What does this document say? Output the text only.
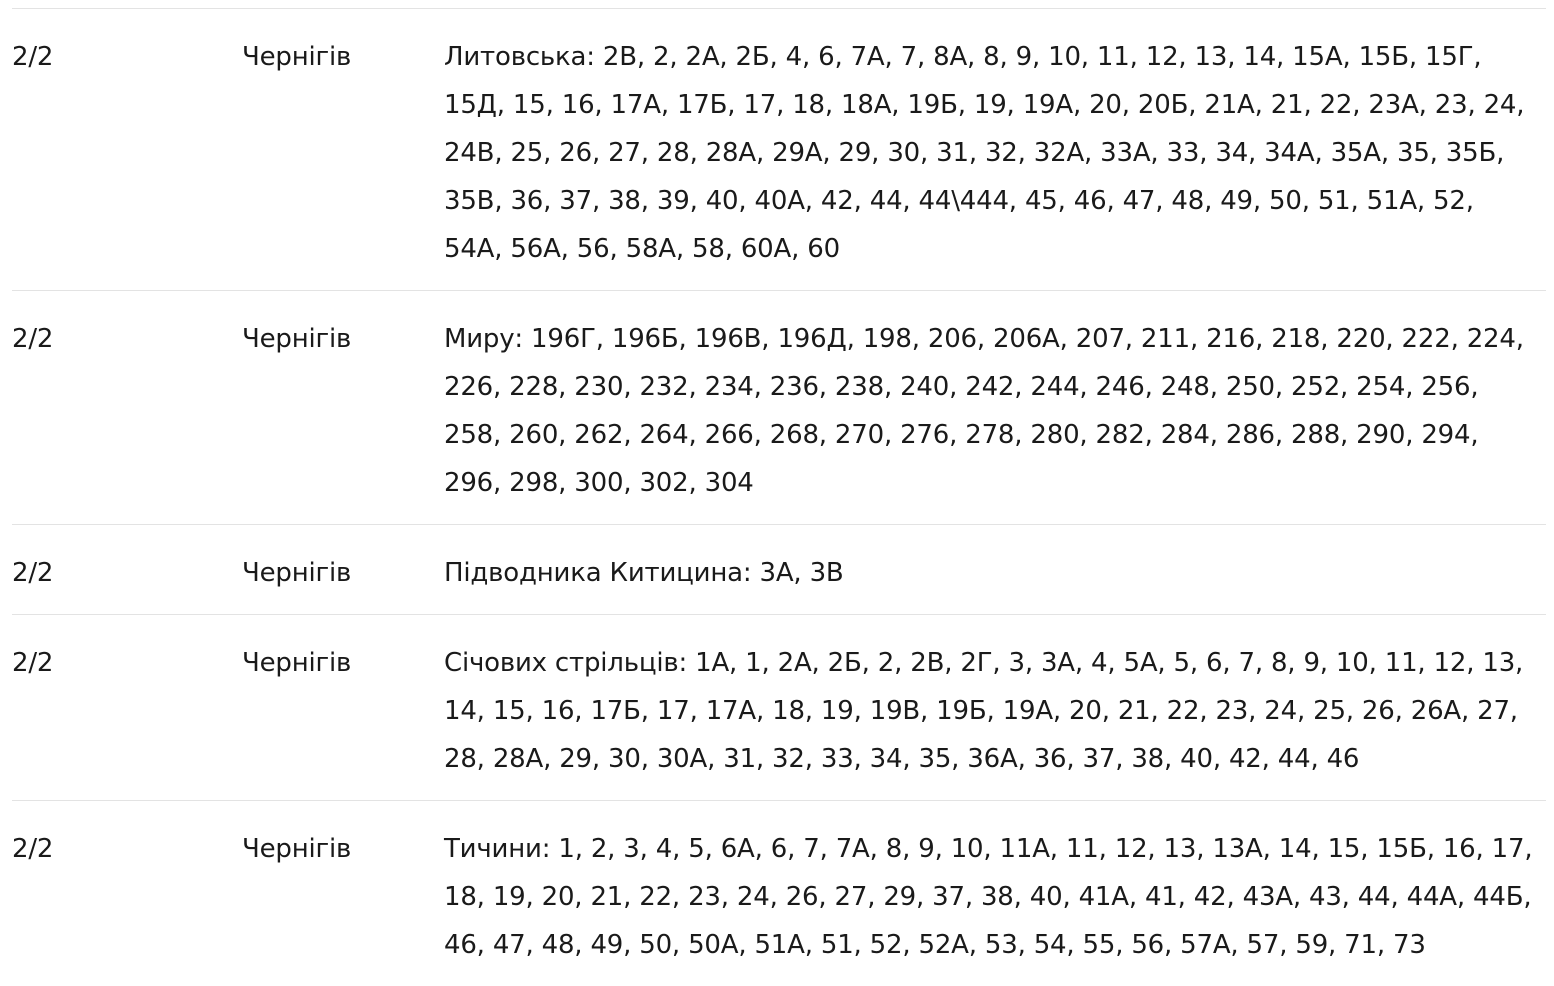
2/2	Чернігів	Литовська: 2В, 2, 2А, 2Б, 4, 6, 7А, 7, 8А, 8, 9, 10, 11, 12, 13, 14, 15А, 15Б, 15Г, 15Д, 15, 16, 17А, 17Б, 17, 18, 18А, 19Б, 19, 19А, 20, 20Б, 21А, 21, 22, 23А, 23, 24, 24В, 25, 26, 27, 28, 28А, 29А, 29, 30, 31, 32, 32А, 33А, 33, 34, 34А, 35А, 35, 35Б, 35В, 36, 37, 38, 39, 40, 40А, 42, 44, 44\444, 45, 46, 47, 48, 49, 50, 51, 51А, 52, 54А, 56А, 56, 58А, 58, 60А, 60
2/2	Чернігів	Миру: 196Г, 196Б, 196В, 196Д, 198, 206, 206А, 207, 211, 216, 218, 220, 222, 224, 226, 228, 230, 232, 234, 236, 238, 240, 242, 244, 246, 248, 250, 252, 254, 256, 258, 260, 262, 264, 266, 268, 270, 276, 278, 280, 282, 284, 286, 288, 290, 294, 296, 298, 300, 302, 304
2/2	Чернігів	Підводника Китицина: 3А, 3В
2/2	Чернігів	Січових стрільців: 1А, 1, 2А, 2Б, 2, 2В, 2Г, 3, 3А, 4, 5А, 5, 6, 7, 8, 9, 10, 11, 12, 13, 14, 15, 16, 17Б, 17, 17А, 18, 19, 19В, 19Б, 19А, 20, 21, 22, 23, 24, 25, 26, 26А, 27, 28, 28А, 29, 30, 30А, 31, 32, 33, 34, 35, 36А, 36, 37, 38, 40, 42, 44, 46
2/2	Чернігів	Тичини: 1, 2, 3, 4, 5, 6А, 6, 7, 7А, 8, 9, 10, 11А, 11, 12, 13, 13А, 14, 15, 15Б, 16, 17, 18, 19, 20, 21, 22, 23, 24, 26, 27, 29, 37, 38, 40, 41А, 41, 42, 43А, 43, 44, 44А, 44Б, 46, 47, 48, 49, 50, 50А, 51А, 51, 52, 52А, 53, 54, 55, 56, 57А, 57, 59, 71, 73
